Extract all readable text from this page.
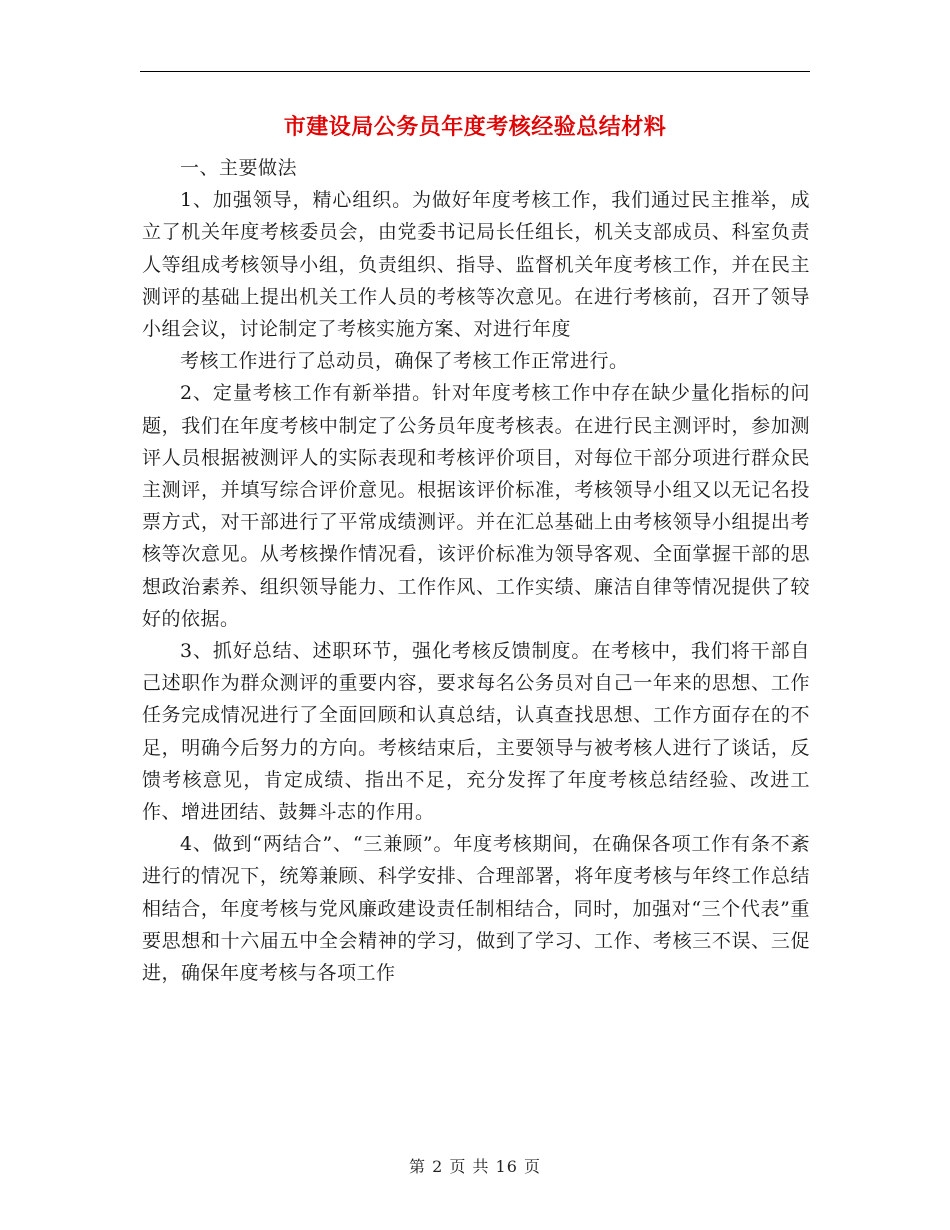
市建设局公务员年度考核经验总结材料

一、主要做法

1、加强领导，精心组织。为做好年度考核工作，我们通过民主推举，成立了机关年度考核委员会，由党委书记局长任组长，机关支部成员、科室负责人等组成考核领导小组，负责组织、指导、监督机关年度考核工作，并在民主测评的基础上提出机关工作人员的考核等次意见。在进行考核前，召开了领导小组会议，讨论制定了考核实施方案、对进行年度

考核工作进行了总动员，确保了考核工作正常进行。

2、定量考核工作有新举措。针对年度考核工作中存在缺少量化指标的问题，我们在年度考核中制定了公务员年度考核表。在进行民主测评时，参加测评人员根据被测评人的实际表现和考核评价项目，对每位干部分项进行群众民主测评，并填写综合评价意见。根据该评价标准，考核领导小组又以无记名投票方式，对干部进行了平常成绩测评。并在汇总基础上由考核领导小组提出考核等次意见。从考核操作情况看，该评价标准为领导客观、全面掌握干部的思想政治素养、组织领导能力、工作作风、工作实绩、廉洁自律等情况提供了较好的依据。

3、抓好总结、述职环节，强化考核反馈制度。在考核中，我们将干部自己述职作为群众测评的重要内容，要求每名公务员对自己一年来的思想、工作任务完成情况进行了全面回顾和认真总结，认真查找思想、工作方面存在的不足，明确今后努力的方向。考核结束后，主要领导与被考核人进行了谈话，反馈考核意见，肯定成绩、指出不足，充分发挥了年度考核总结经验、改进工作、增进团结、鼓舞斗志的作用。

4、做到“两结合”、“三兼顾”。年度考核期间，在确保各项工作有条不紊进行的情况下，统筹兼顾、科学安排、合理部署，将年度考核与年终工作总结相结合，年度考核与党风廉政建设责任制相结合，同时，加强对“三个代表”重要思想和十六届五中全会精神的学习，做到了学习、工作、考核三不误、三促进，确保年度考核与各项工作

第 2 页 共 16 页
